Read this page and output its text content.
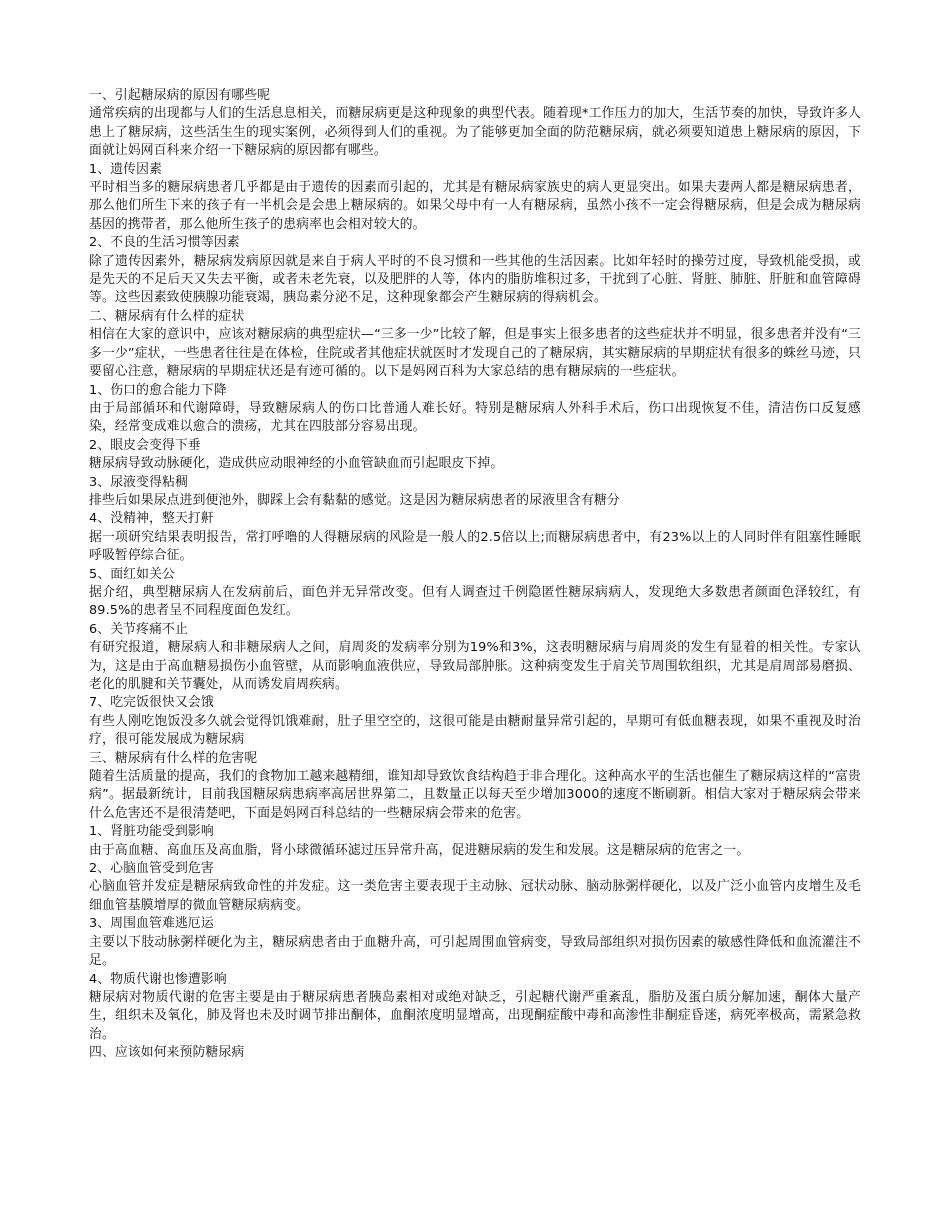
一、引起糖尿病的原因有哪些呢

通常疾病的出现都与人们的生活息息相关，而糖尿病更是这种现象的典型代表。随着现*工作压力的加大，生活节奏的加快，导致许多人患上了糖尿病，这些活生生的现实案例，必须得到人们的重视。为了能够更加全面的防范糖尿病，就必须要知道患上糖尿病的原因，下面就让妈网百科来介绍一下糖尿病的原因都有哪些。

1、遗传因素

平时相当多的糖尿病患者几乎都是由于遗传的因素而引起的，尤其是有糖尿病家族史的病人更显突出。如果夫妻两人都是糖尿病患者，那么他们所生下来的孩子有一半机会是会患上糖尿病的。如果父母中有一人有糖尿病，虽然小孩不一定会得糖尿病，但是会成为糖尿病基因的携带者，那么他所生孩子的患病率也会相对较大的。

2、不良的生活习惯等因素

除了遗传因素外，糖尿病发病原因就是来自于病人平时的不良习惯和一些其他的生活因素。比如年轻时的操劳过度，导致机能受损，或是先天的不足后天又失去平衡，或者未老先衰，以及肥胖的人等，体内的脂肪堆积过多，干扰到了心脏、肾脏、肺脏、肝脏和血管障碍等。这些因素致使胰腺功能衰竭，胰岛素分泌不足，这种现象都会产生糖尿病的得病机会。

二、糖尿病有什么样的症状

相信在大家的意识中，应该对糖尿病的典型症状—“三多一少”比较了解，但是事实上很多患者的这些症状并不明显，很多患者并没有“三多一少”症状，一些患者往往是在体检，住院或者其他症状就医时才发现自己的了糖尿病，其实糖尿病的早期症状有很多的蛛丝马迹，只要留心注意，糖尿病的早期症状还是有迹可循的。以下是妈网百科为大家总结的患有糖尿病的一些症状。

1、伤口的愈合能力下降

由于局部循环和代谢障碍，导致糖尿病人的伤口比普通人难长好。特别是糖尿病人外科手术后，伤口出现恢复不佳，清洁伤口反复感染，经常变成难以愈合的溃疡，尤其在四肢部分容易出现。

2、眼皮会变得下垂

糖尿病导致动脉硬化，造成供应动眼神经的小血管缺血而引起眼皮下掉。

3、尿液变得粘稠

排些后如果尿点进到便池外，脚踩上会有黏黏的感觉。这是因为糖尿病患者的尿液里含有糖分

4、没精神，整天打鼾

据一项研究结果表明报告，常打呼噜的人得糖尿病的风险是一般人的2.5倍以上;而糖尿病患者中，有23%以上的人同时伴有阻塞性睡眠呼吸暂停综合征。

5、面红如关公

据介绍，典型糖尿病人在发病前后，面色并无异常改变。但有人调查过千例隐匿性糖尿病病人，发现绝大多数患者颜面色泽较红，有89.5%的患者呈不同程度面色发红。

6、关节疼痛不止

有研究报道，糖尿病人和非糖尿病人之间，肩周炎的发病率分别为19%和3%，这表明糖尿病与肩周炎的发生有显着的相关性。专家认为，这是由于高血糖易损伤小血管壁，从而影响血液供应，导致局部肿胀。这种病变发生于肩关节周围软组织，尤其是肩周部易磨损、老化的肌腱和关节囊处，从而诱发肩周疾病。

7、吃完饭很快又会饿

有些人刚吃饱饭没多久就会觉得饥饿难耐，肚子里空空的，这很可能是由糖耐量异常引起的，早期可有低血糖表现，如果不重视及时治疗，很可能发展成为糖尿病

三、糖尿病有什么样的危害呢

随着生活质量的提高，我们的食物加工越来越精细，谁知却导致饮食结构趋于非合理化。这种高水平的生活也催生了糖尿病这样的“富贵病”。据最新统计，目前我国糖尿病患病率高居世界第二，且数量正以每天至少增加3000的速度不断刷新。相信大家对于糖尿病会带来什么危害还不是很清楚吧，下面是妈网百科总结的一些糖尿病会带来的危害。

1、肾脏功能受到影响

由于高血糖、高血压及高血脂，肾小球微循环滤过压异常升高，促进糖尿病的发生和发展。这是糖尿病的危害之一。

2、心脑血管受到危害

心脑血管并发症是糖尿病致命性的并发症。这一类危害主要表现于主动脉、冠状动脉、脑动脉粥样硬化，以及广泛小血管内皮增生及毛细血管基膜增厚的微血管糖尿病病变。

3、周围血管难逃厄运

主要以下肢动脉粥样硬化为主，糖尿病患者由于血糖升高，可引起周围血管病变，导致局部组织对损伤因素的敏感性降低和血流灌注不足。

4、物质代谢也惨遭影响

糖尿病对物质代谢的危害主要是由于糖尿病患者胰岛素相对或绝对缺乏，引起糖代谢严重紊乱，脂肪及蛋白质分解加速，酮体大量产生，组织未及氧化，肺及肾也未及时调节排出酮体，血酮浓度明显增高，出现酮症酸中毒和高渗性非酮症昏迷，病死率极高，需紧急救治。

四、应该如何来预防糖尿病
